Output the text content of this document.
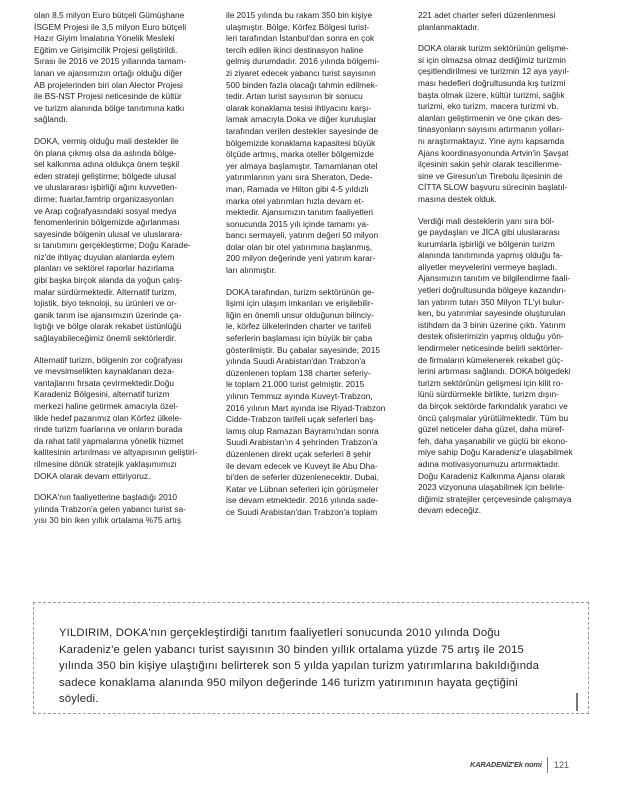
olan 8,5 milyon Euro bütçeli Gümüşhane
İSGEM Projesi ile 3,5 milyon Euro bütçeli
Hazır Giyim İmalatına Yönelik Mesleki
Eğitim ve Girişimcilik Projesi geliştirildi.
Sırası ile 2016 ve 2015 yıllarında tamam-
lanan ve ajansımızın ortağı olduğu diğer
AB projelerinden biri olan Alector Projesi
ile BS-NST Projesi neticesinde de kültür
ve turizm alanında bölge tanıtımına katkı
sağlandı.

DOKA, vermiş olduğu mali destekler ile
ön plana çıkmış olsa da aslında bölge-
sel kalkınma adına oldukça önem teşkil
eden strateji geliştirme; bölgede ulusal
ve uluslararası işbirliği ağını kuvvetlen-
dirme; fuarlar,famtrip organizasyonları
ve Arap coğrafyasındaki sosyal medya
fenomenlerinin bölgemizde ağırlanması
sayesinde bölgenin ulusal ve uluslarara-
sı tanıtımını gerçekleştirme; Doğu Karade-
niz'de ihtiyaç duyulan alanlarda eylem
planları ve sektörel raporlar hazırlama
gibi başka birçok alanda da yoğun çalış-
malar sürdürmektedir. Alternatif turizm,
lojistik, biyo teknoloji, su ürünleri ve or-
ganik tarım ise ajansımızın üzerinde ça-
lıştığı ve bölge olarak rekabet üstünlüğü
sağlayabileceğimiz önemli sektörlerdir.

Alternatif turizm, bölgenin zor coğrafyası
ve mevsimselikten kaynaklanan deza-
vantajlarını fırsata çevirmektedir.Doğu
Karadeniz Bölgesini, alternatif turizm
merkezi haline getirmek amacıyla özel-
likle hedef pazarımız olan Körfez ülkele-
rinde turizm fuarlarına ve onların burada
da rahat tatil yapmalarına yönelik hizmet
kalitesinin artırılması ve altyapısının geliştiri-
rilmesine dönük stratejik yaklaşımımızı
DOKA olarak devam ettiriyoruz.

DOKA'nın faaliyetlerine başladığı 2010
yılında Trabzon'a gelen yabancı turist sa-
yısı 30 bin iken yıllık ortalama %75 artış

ile 2015 yılında bu rakam 350 bin kişiye
ulaşmıştır. Bölge, Körfez Bölgesi turist-
leri tarafından İstanbul'dan sonra en çok
tercih edilen ikinci destinasyon haline
gelmiş durumdadır. 2016 yılında bölgemi-
zi ziyaret edecek yabancı turist sayısının
500 binden fazla olacağı tahmin edilmek-
tedir. Artan turist sayısının bir sonucu
olarak konaklama tesisi ihtiyacını karşı-
lamak amacıyla Doka ve diğer kuruluşlar
tarafından verilen destekler sayesinde de
bölgemizde konaklama kapasitesi büyük
ölçüde artmış, marka oteller bölgemizde
yer almaya başlamıştır. Tamamlanan otel
yatırımlarının yanı sıra Sheraton, Dede-
man, Ramada ve Hilton gibi 4-5 yıldızlı
marka otel yatırımları hızla devam et-
mektedir. Ajansımızın tanıtım faaliyetleri
sonucunda 2015 yılı içinde tamamı ya-
bancı sermayeli, yatırım değeri 50 milyon
dolar olan bir otel yatırımına başlanmış,
200 milyon değerinde yeni yatırım karar-
ları alınmıştır.

DOKA tarafından, turizm sektörünün ge-
lişimi için ulaşım imkanları ve erişilebilir-
liğin en önemli unsur olduğunun bilinciy-
le, körfez ülkelerinden charter ve tarifeli
seferlerin başlaması için büyük bir çaba
gösterilmiştir. Bu çabalar sayesinde; 2015
yılında Suudi Arabistan'dan Trabzon'a
düzenlenen toplam 138 charter seferiy-
le toplam 21.000 turist gelmiştir. 2015
yılının Temmuz ayında Kuveyt-Trabzon,
2016 yılının Mart ayında ise Riyad-Trabzon
Cidde-Trabzon tarifeli uçak seferleri baş-
lamış olup Ramazan Bayramı'ndan sonra
Suudi Arabistan'ın 4 şehrinden Trabzon'a
düzenlenen direkt uçak seferleri 8 şehir
ile devam edecek ve Kuveyt ile Abu Dha-
bi'den de seferler düzenlenecektir. Dubai,
Katar ve Lübnan seferleri için görüşmeler
ise devam etmektedir. 2016 yılında sade-
ce Suudi Arabistan'dan Trabzon'a toplam

221 adet charter seferi düzenlenmesi
planlanmaktadır.

DOKA olarak turizm sektörünün gelişme-
si için olmazsa olmaz dediğimiz turizmin
çeşitlendirilmesi ve turizmin 12 aya yayıl-
ması hedefleri doğrultusunda kış turizmi
başta olmak üzere, kültür turizmi, sağlık
turizmi, eko turizm, macera turizmi vb.
alanları geliştirmenin ve öne çıkan des-
tinasyonların sayısını artırmanın yolları-
nı araştırmaktayız. Yine aynı kapsamda
Ajans koordinasyonunda Artvin'in Şavşat
ilçesinin sakin şehir olarak tescillenme-
sine ve Giresun'un Tirebolu ilçesinin de
CİTTA SLOW başvuru sürecinin başlatıl-
masına destek olduk.

Verdiği mali desteklerin yanı sıra böl-
ge paydaşları ve JİCA gibi uluslararası
kurumlarla işbirliği ve bölgenin turizm
alanında tanıtımında yapmış olduğu fa-
aliyetler meyvelerini vermeye başladı.
Ajansımızın tanıtım ve bilgilendirme faali-
yetleri doğrultusunda bölgeye kazandırı-
lan yatırım tutarı 350 Milyon TL'yi bulur-
ken, bu yatırımlar sayesinde oluşturulan
istihdam da 3 binin üzerine çıktı. Yatırım
destek ofislerimizin yapmış olduğu yön-
lendirmeler neticesinde belirli sektörler-
de firmaların kümelenerek rekabet güç-
lerini artırması sağlandı. DOKA bölgedeki
turizm sektörünün gelişmesi için kilit ro-
lünü sürdürmekle birlikte, turizm dışın-
da birçok sektörde farkındalık yaratıcı ve
öncü çalışmalar yürütülmektedir. Tüm bu
güzel neticeler daha güzel, daha müref-
feh, daha yaşanabilir ve güçlü bir ekono-
miye sahip Doğu Karadeniz'e ulaşabilmek
adına motivasyonumuzu artırmaktadır.
Doğu Karadeniz Kalkınma Ajansı olarak
2023 vizyonuna ulaşabilmek için belirle-
diğimiz stratejiler çerçevesinde çalışmaya
devam edeceğiz.

YILDIRIM, DOKA'nın gerçekleştirdiği tanıtım faaliyetleri sonucunda 2010 yılında Doğu
Karadeniz'e gelen yabancı turist sayısının 30 binden yıllık ortalama yüzde 75 artış ile 2015
yılında 350 bin kişiye ulaştığını belirterek son 5 yılda yapılan turizm yatırımlarına bakıldığında
sadece konaklama alanında 950 milyon değerinde 146 turizm yatırımının hayata geçtiğini
söyledi.

KARADENİZ'Ek nomi 121
